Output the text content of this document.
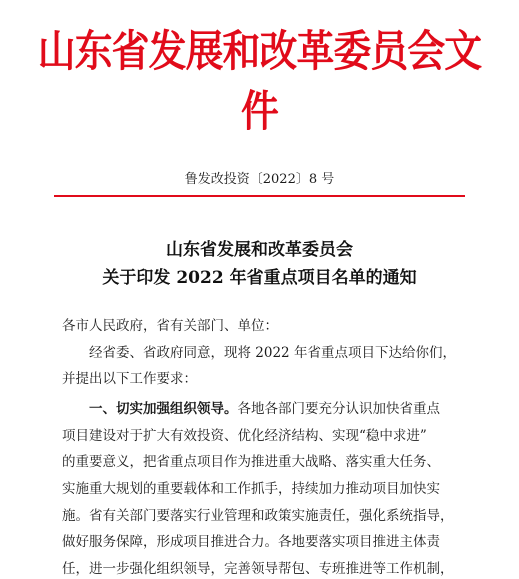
山东省发展和改革委员会文件
鲁发改投资〔2022〕8 号
山东省发展和改革委员会
关于印发 2022 年省重点项目名单的通知
各市人民政府，省有关部门、单位：
经省委、省政府同意，现将 2022 年省重点项目下达给你们，
并提出以下工作要求：
一、切实加强组织领导。各地各部门要充分认识加快省重点
项目建设对于扩大有效投资、优化经济结构、实现“稳中求进”
的重要意义，把省重点项目作为推进重大战略、落实重大任务、
实施重大规划的重要载体和工作抓手，持续加力推动项目加快实
施。省有关部门要落实行业管理和政策实施责任，强化系统指导，
做好服务保障，形成项目推进合力。各地要落实项目推进主体责
任，进一步强化组织领导，完善领导帮包、专班推进等工作机制，
